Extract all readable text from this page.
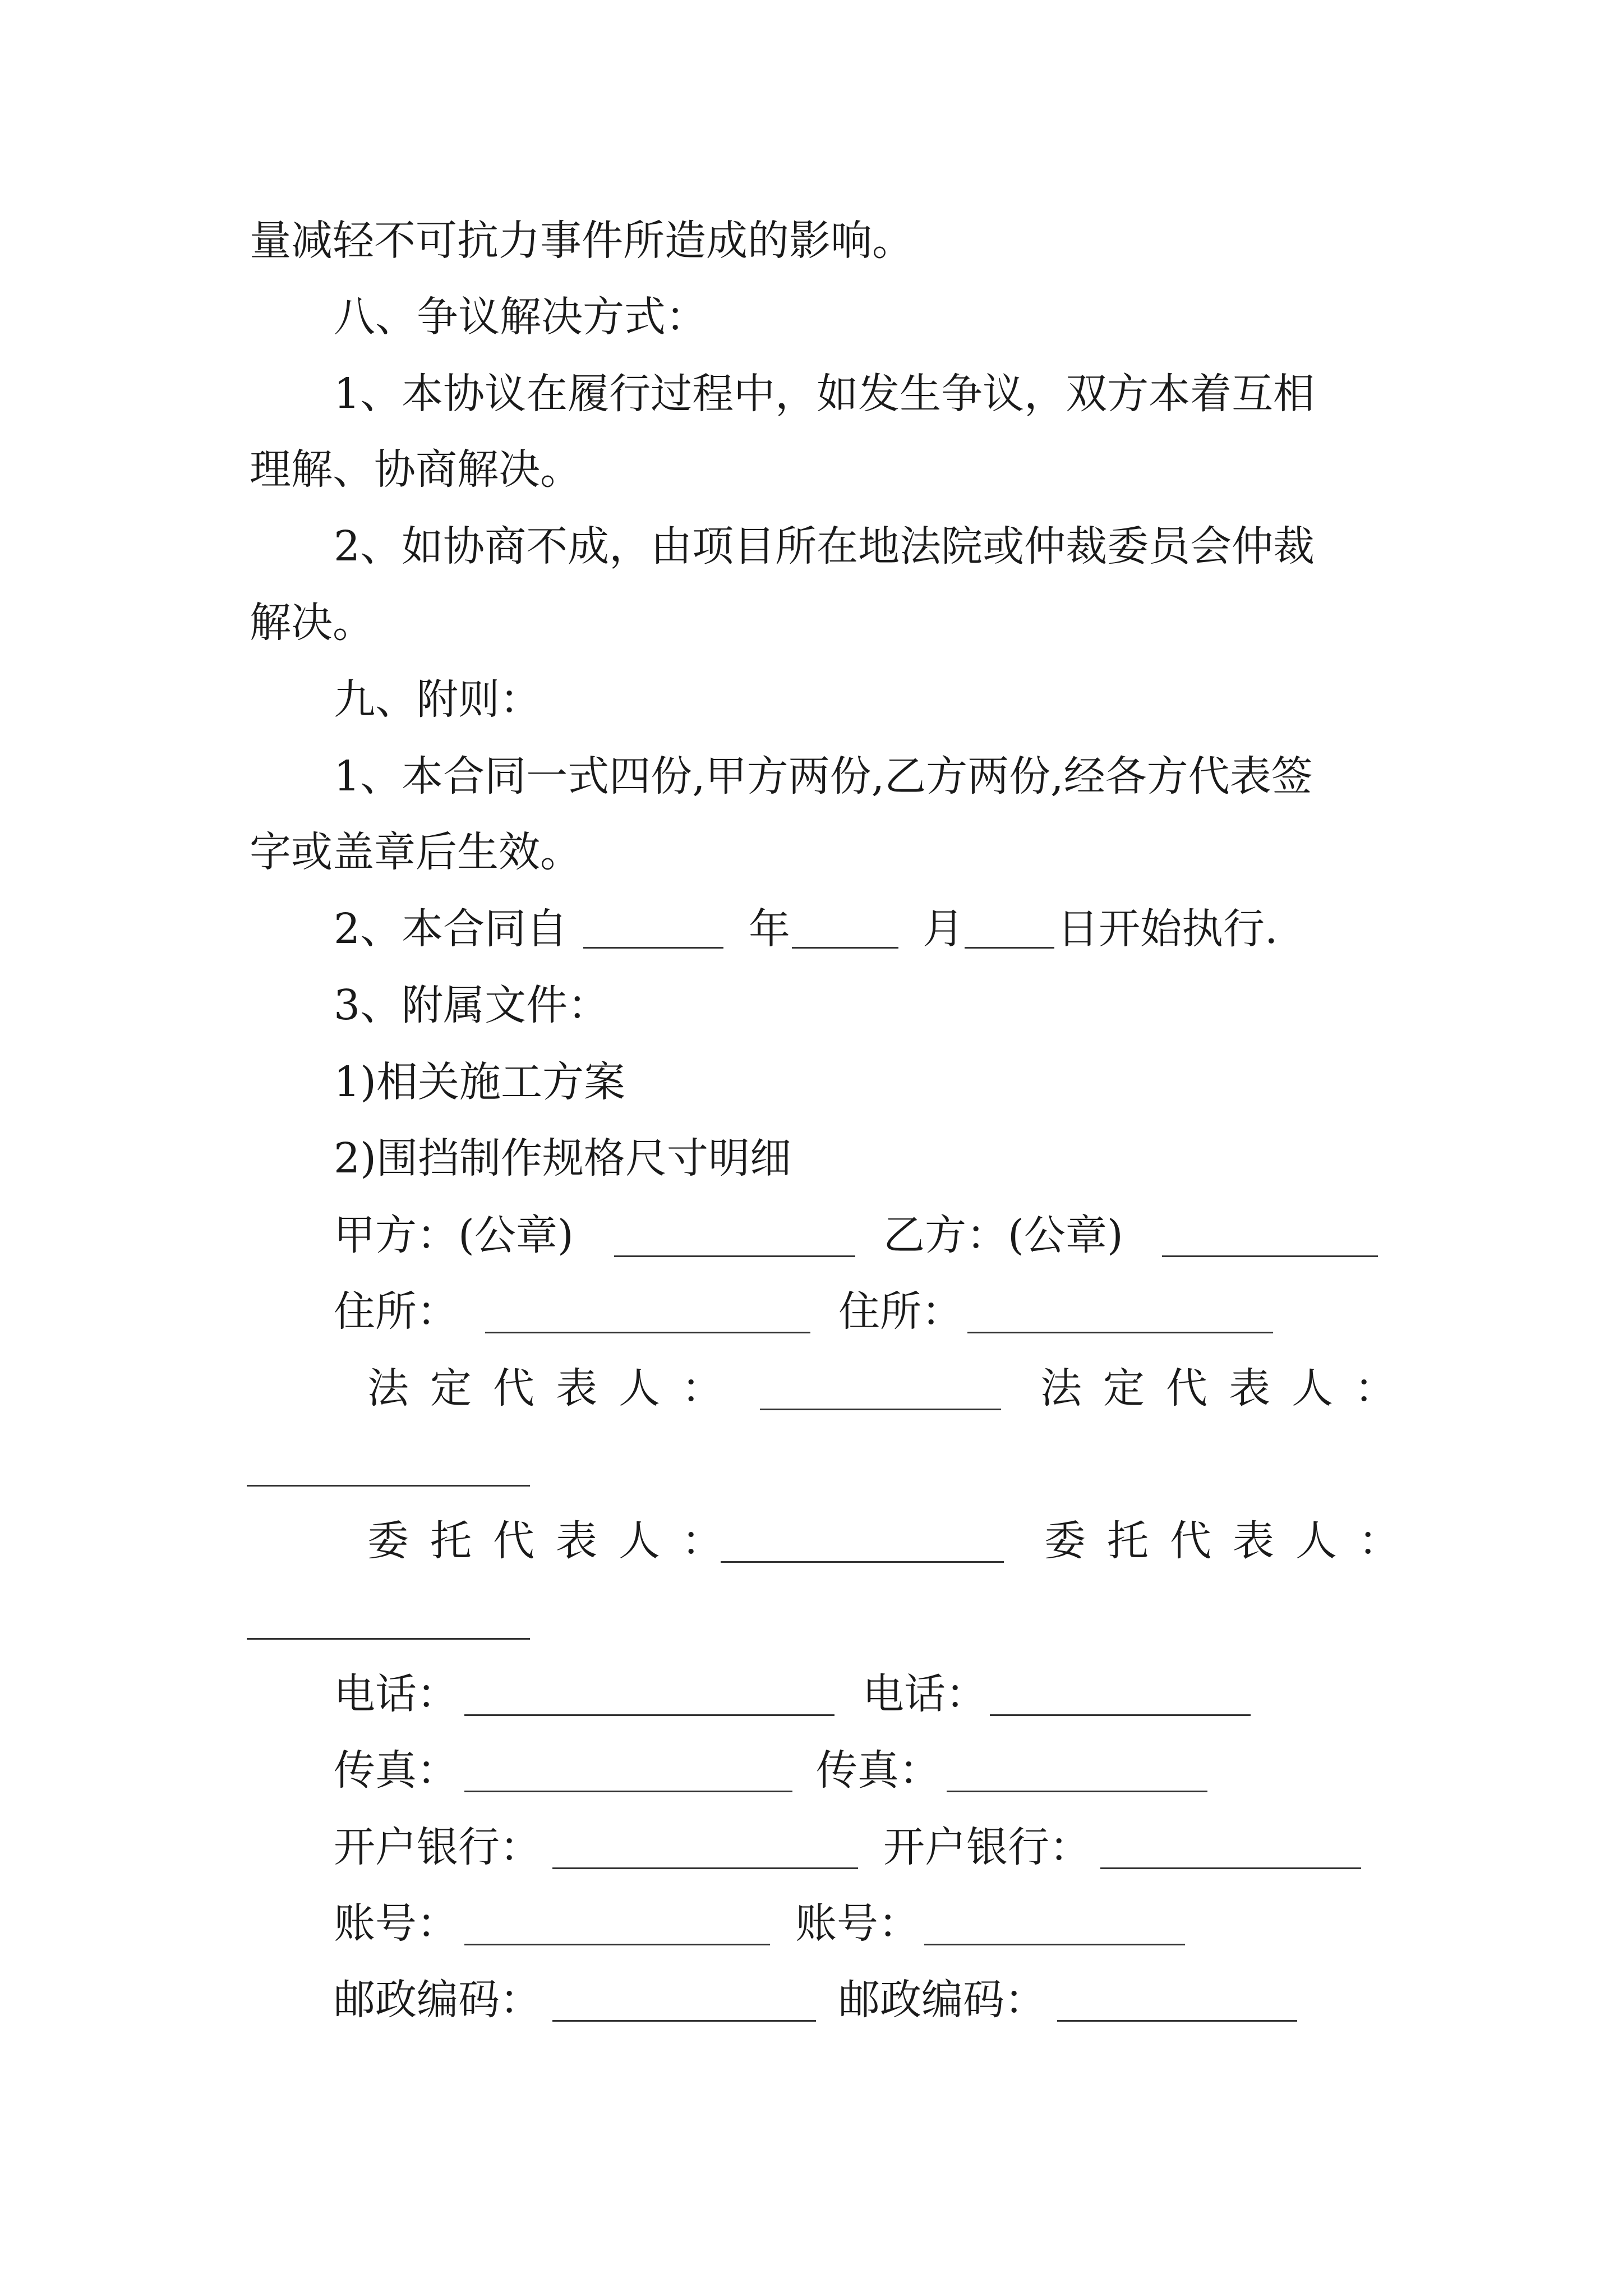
量减轻不可抗力事件所造成的影响。
八、争议解决方式：
1、本协议在履行过程中，如发生争议，双方本着互相
理解、协商解决。
2、如协商不成，由项目所在地法院或仲裁委员会仲裁
解决。
九、附则：
1、本合同一式四份,甲方两份,乙方两份,经各方代表签
字或盖章后生效。
2、本合同自	年	月 日开始执行.
3、附属文件：
1)相关施工方案
2)围挡制作规格尺寸明细
甲方：(公章)	乙方：(公章)
住所：	住所：
法定代表人：	法定代表人：
委托代表人：	委托代表人：
电话：	电话：
传真：	传真：
开户银行：	开户银行：
账号：	账号：
邮政编码：	邮政编码：
